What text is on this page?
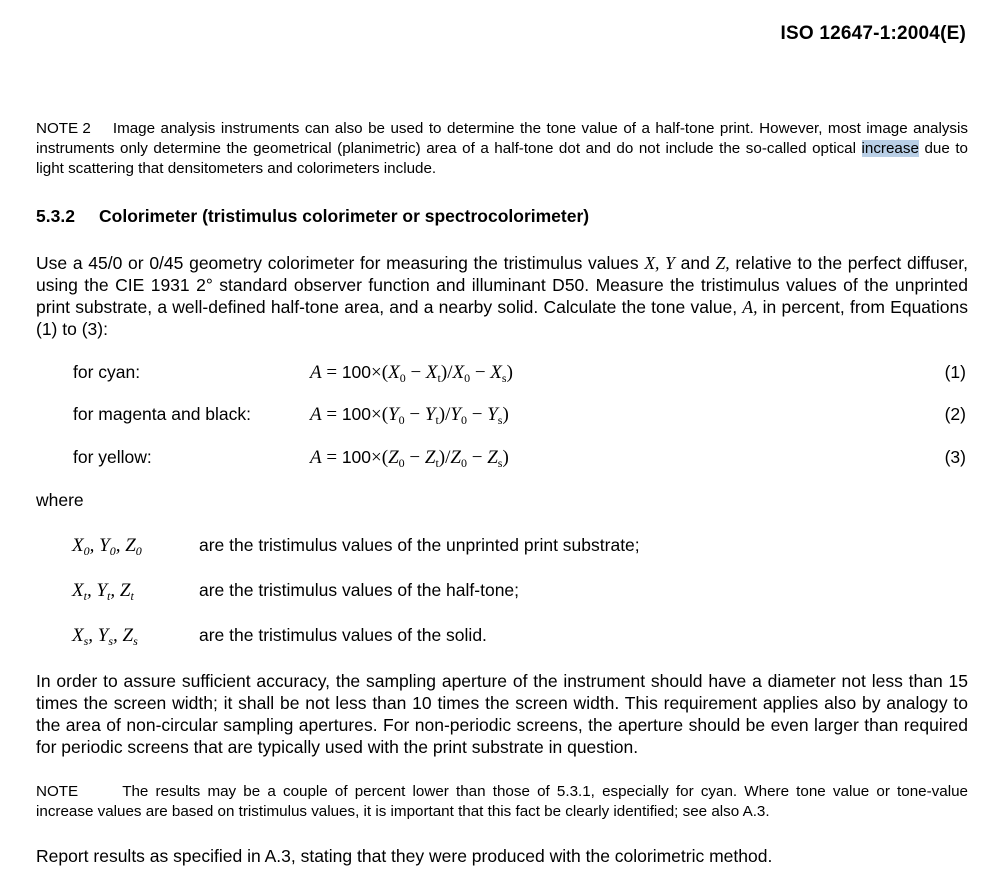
ISO 12647-1:2004(E)
NOTE 2 Image analysis instruments can also be used to determine the tone value of a half-tone print. However, most image analysis instruments only determine the geometrical (planimetric) area of a half-tone dot and do not include the so-called optical increase due to light scattering that densitometers and colorimeters include.
5.3.2 Colorimeter (tristimulus colorimeter or spectrocolorimeter)
Use a 45/0 or 0/45 geometry colorimeter for measuring the tristimulus values X, Y and Z, relative to the perfect diffuser, using the CIE 1931 2° standard observer function and illuminant D50. Measure the tristimulus values of the unprinted print substrate, a well-defined half-tone area, and a nearby solid. Calculate the tone value, A, in percent, from Equations (1) to (3):
for cyan:	$A = 100\times(X_0 - X_t)/X_0 - X_s$)	(1)
for magenta and black:	$A = 100\times(Y_0 - Y_t)/Y_0 - Y_s$)	(2)
for yellow:	$A = 100\times(Z_0 - Z_t)/Z_0 - Z_s$)	(3)
where
$X_0$, $Y_0$, $Z_0$	are the tristimulus values of the unprinted print substrate;
$X_t$, $Y_t$, $Z_t$	are the tristimulus values of the half-tone;
$X_s$, $Y_s$, $Z_s$	are the tristimulus values of the solid.
In order to assure sufficient accuracy, the sampling aperture of the instrument should have a diameter not less than 15 times the screen width; it shall be not less than 10 times the screen width. This requirement applies also by analogy to the area of non-circular sampling apertures. For non-periodic screens, the aperture should be even larger than required for periodic screens that are typically used with the print substrate in question.
NOTE	The results may be a couple of percent lower than those of 5.3.1, especially for cyan. Where tone value or tone-value increase values are based on tristimulus values, it is important that this fact be clearly identified; see also A.3.
Report results as specified in A.3, stating that they were produced with the colorimetric method.
